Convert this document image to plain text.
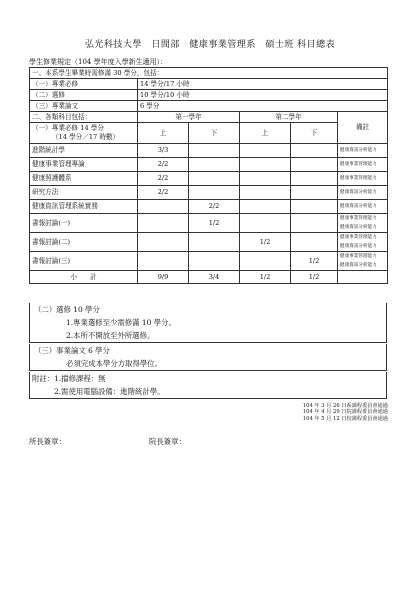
弘光科技大學　日間部　健康事業管理系　碩士班 科目總表
學生修業規定（104 學年度入學新生適用）：
一、本系學生畢業時需修滿 30 學分，包括：					
（一）專業必修	14 學分/17 小時				
（二）選修	10 學分/10 小時				
（三）專業論文	6 學分				
二、各類科目包括：	第一學年		第二學年		備註

（一）專業必修 14 學分
（14 學分／17 時數）	上	下	上	下	
進階統計學	3/3				健康資訊分析能力

健康事業管理專論	2/2				健康事業管理能力

健康照護體系	2/2				健康事業管理能力

研究方法	2/2				健康資訊分析能力

健康資訊管理系統實務		2/2			健康資訊分析能力

書報討論(一)		1/2			健康事業管理能力
健康資訊分析能力

書報討論(二)			1/2		健康事業管理能力
健康資訊分析能力

書報討論(三)				1/2	健康事業管理能力
健康資訊分析能力

小　　計	9/9	3/4	1/2	1/2	
（二）選修 10 學分
1.專業選修至少需修滿 10 學分。
2.本所不開放至外所選修。
（三）事業論文 6 學分
必須完成本學分方取得學位。
附註：1.擋修課程：無
2.需使用電腦設備：進階統計學。
104 年 3 月 26 日系課程委員會通過
104 年 4 月 29 日院課程委員會通過
104 年 5 月 12 日校課程委員會通過
所長簽章：	院長簽章：
